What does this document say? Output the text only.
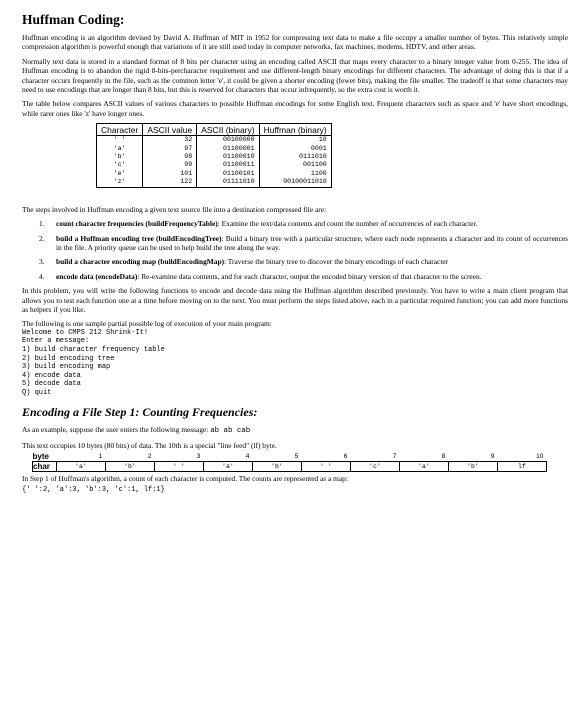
Huffman Coding:

Huffman encoding is an algorithm devised by David A. Huffman of MIT in 1952 for compressing text data to make a file occupy a smaller number of bytes. This relatively simple compression algorithm is powerful enough that variations of it are still used today in computer networks, fax machines, modems, HDTV, and other areas.

Normally text data is stored in a standard format of 8 bits per character using an encoding called ASCII that maps every character to a binary integer value from 0-255. The idea of Huffman encoding is to abandon the rigid 8-bits-percharacter requirement and use different-length binary encodings for different characters. The advantage of doing this is that if a character occurs frequently in the file, such as the common letter 'e', it could be given a shorter encoding (fewer bits), making the file smaller. The tradeoff is that some characters may need to use encodings that are longer than 8 bits, but this is reserved for characters that occur infrequently, so the extra cost is worth it.

The table below compares ASCII values of various characters to possible Huffman encodings for some English text. Frequent characters such as space and 'e' have short encodings, while rarer ones like 'z' have longer ones.

Character	ASCII value	ASCII (binary)	Huffman (binary)
' '	32	00100000	10
'a'	97	01100001	0001
'b'	98	01100010	0111010
'c'	99	01100011	001100
'e'	101	01100101	1100
'z'	122	01111010	00100011010

The steps involved in Huffman encoding a given text source file into a destination compressed file are:

1. count character frequencies (buildFrequencyTable): Examine the text/data contents and count the number of occurrences of each character.
2. build a Huffman encoding tree (buildEncodingTree): Build a binary tree with a particular structure, where each node represents a character and its count of occurrences in the file. A priority queue can be used to help build the tree along the way.
3. build a character encoding map (buildEncodingMap): Traverse the binary tree to discover the binary encodings of each character
4. encode data (encodeData): Re-examine data contents, and for each character, output the encoded binary version of that character to the screen.

In this problem, you will write the following functions to encode and decode data using the Huffman algorithm described previously. You have to write a main client program that allows you to test each function one at a time before moving on to the next. You must perform the steps listed above, each in a particular required function; you can add more functions as helpers if you like.

The following is one sample partial possible log of execution of your main program:

Welcome to CMPS 212 Shrink-It!
Enter a message:
1) build character frequency table
2) build encoding tree
3) build encoding map
4) encode data
5) decode data
Q) quit
Encoding a File Step 1: Counting Frequencies:

As an example, suppose the user enters the following message: ab ab cab

This text occupies 10 bytes (80 bits) of data. The 10th is a special "line feed" (lf) byte.

byte	1	2	3	4	5	6	7	8	9	10
char	'a'	'b'	' '	'a'	'b'	' '	'c'	'a'	'b'	lf

In Step 1 of Huffman's algorithm, a count of each character is computed. The counts are represented as a map:

{' ':2, 'a':3, 'b':3, 'c':1, lf:1}
